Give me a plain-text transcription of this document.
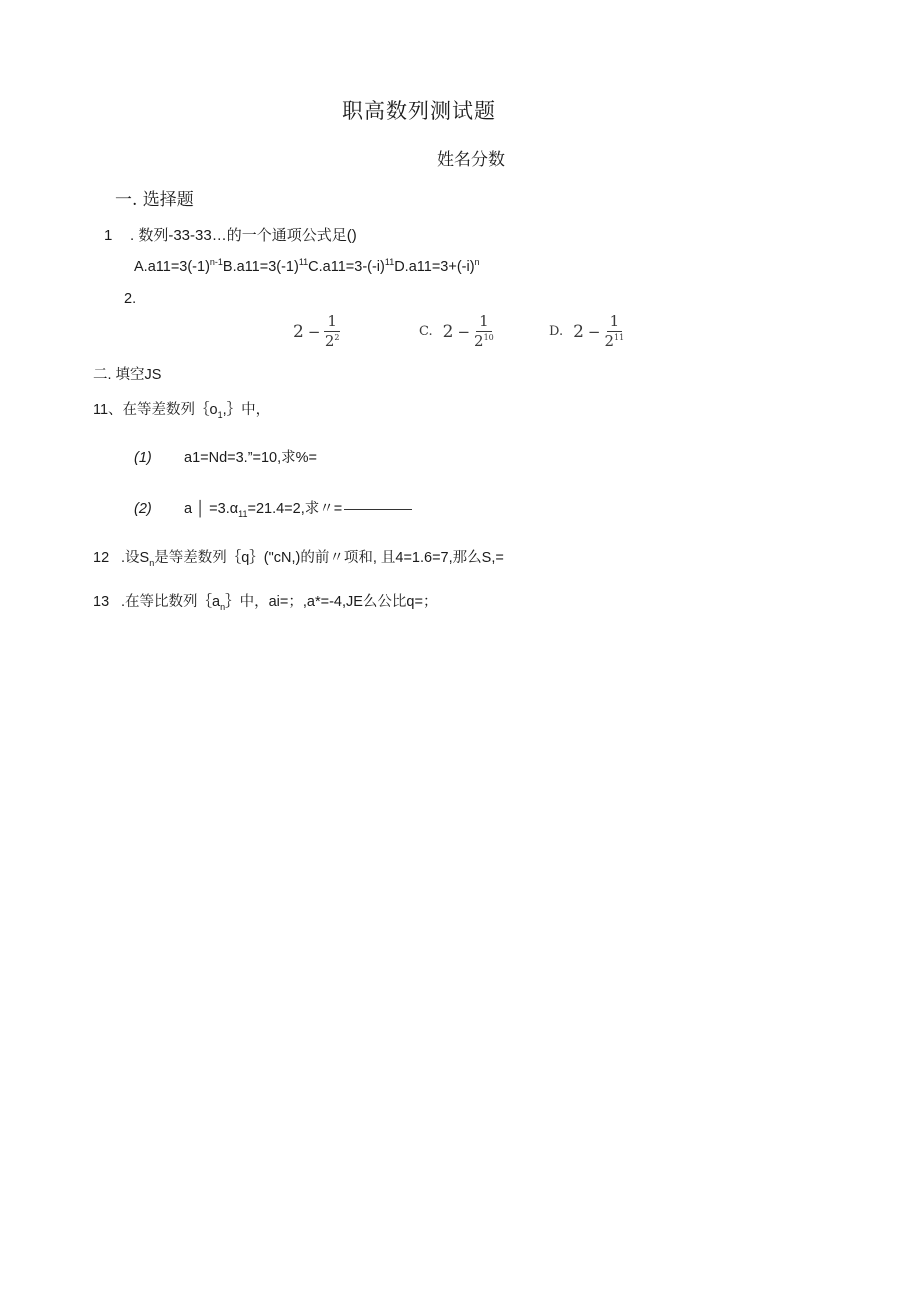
职高数列测试题
姓名分数
一. 选择题
1 . 数列-33-33…的一个通项公式足()
$A.a11=3(-1)^{n-1}B.a11=3(-1)^{11}C.a11=3-(-i)^{11}D.a11=3+(-i)^n$
2.
$2 - \frac{1}{2^2}$	C. $2 - \frac{1}{2^{10}}$	D. $2 - \frac{1}{2^{11}}$
二. 填空JS
11、在等差数列$\{o_1,\}$中，
(1) a1=Nd=3.”=10,求%=
(2) a │ $=3.\alpha_{11}=21.4=2$,求〃=
12 .设$S_n$是等差数列｛q｝("cN,)的前〃项和, 且4=1.6=7,那么S,=
13 .在等比数列$\{a_n\}$中，ai=；,a*=-4,JE么公比q=；
